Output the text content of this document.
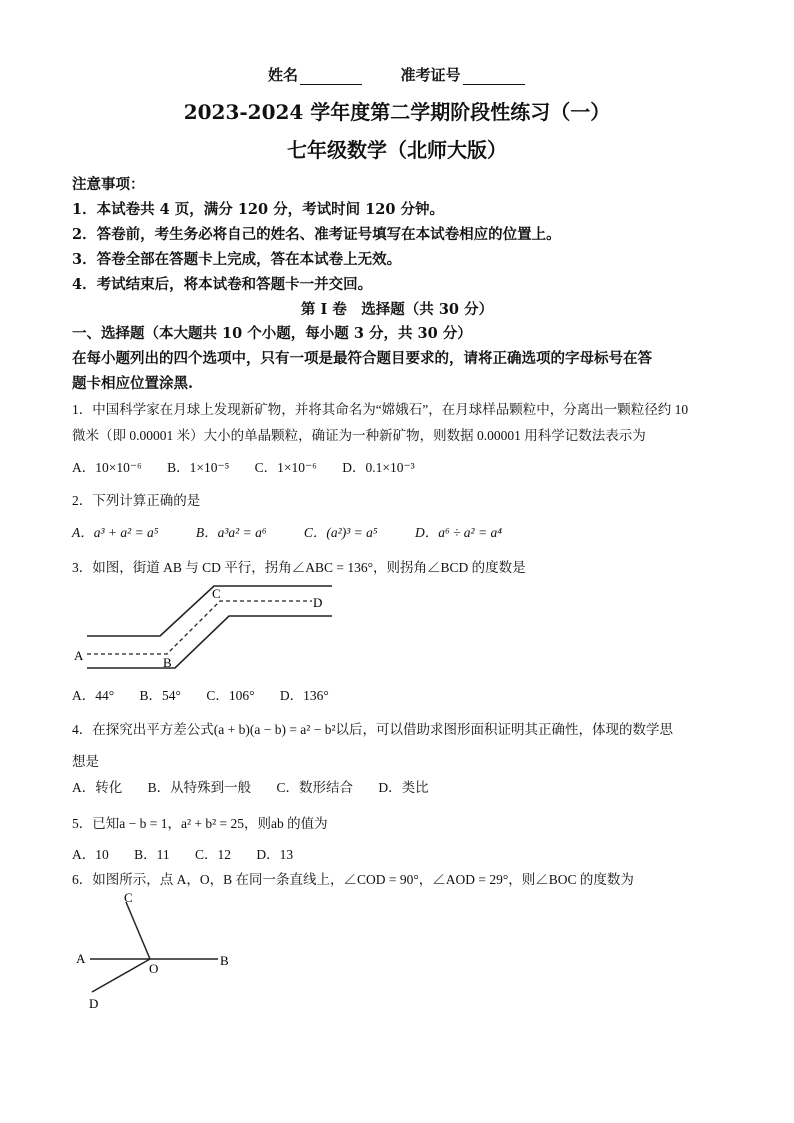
姓名	准考证号
2023-2024 学年度第二学期阶段性练习（一）
七年级数学（北师大版）
注意事项：
1．本试卷共 4 页，满分 120 分，考试时间 120 分钟。
2．答卷前，考生务必将自己的姓名、准考证号填写在本试卷相应的位置上。
3．答卷全部在答题卡上完成，答在本试卷上无效。
4．考试结束后，将本试卷和答题卡一并交回。
第 I 卷　选择题（共 30 分）
一、选择题（本大题共 10 个小题，每小题 3 分，共 30 分）
在每小题列出的四个选项中，只有一项是最符合题目要求的，请将正确选项的字母标号在答
题卡相应位置涂黑.
1．中国科学家在月球上发现新矿物，并将其命名为“嫦娥石”，在月球样品颗粒中，分离出一颗粒径约 10
微米（即 0.00001 米）大小的单晶颗粒，确证为一种新矿物，则数据 0.00001 用科学记数法表示为
A．10×10⁻⁶ B．1×10⁻⁵ C．1×10⁻⁶ D．0.1×10⁻³
2．下列计算正确的是
A．a³ + a² = a⁵	B．a³a² = a⁶	C．(a²)³ = a⁵	D．a⁶ ÷ a² = a⁴
3．如图，街道 AB 与 CD 平行，拐角∠ABC = 136°，则拐角∠BCD 的度数是
A	B
C
D
A．44° B．54° C．106° D．136°
4．在探究出平方差公式(a + b)(a − b) = a² − b²以后，可以借助求图形面积证明其正确性，体现的数学思
想是
A．转化 B．从特殊到一般 C．数形结合 D．类比
5．已知a − b = 1，a² + b² = 25，则ab 的值为
A．10 B．11 C．12 D．13
6．如图所示，点 A，O，B 在同一条直线上，∠COD = 90°，∠AOD = 29°，则∠BOC 的度数为
A	B
C
D
O
